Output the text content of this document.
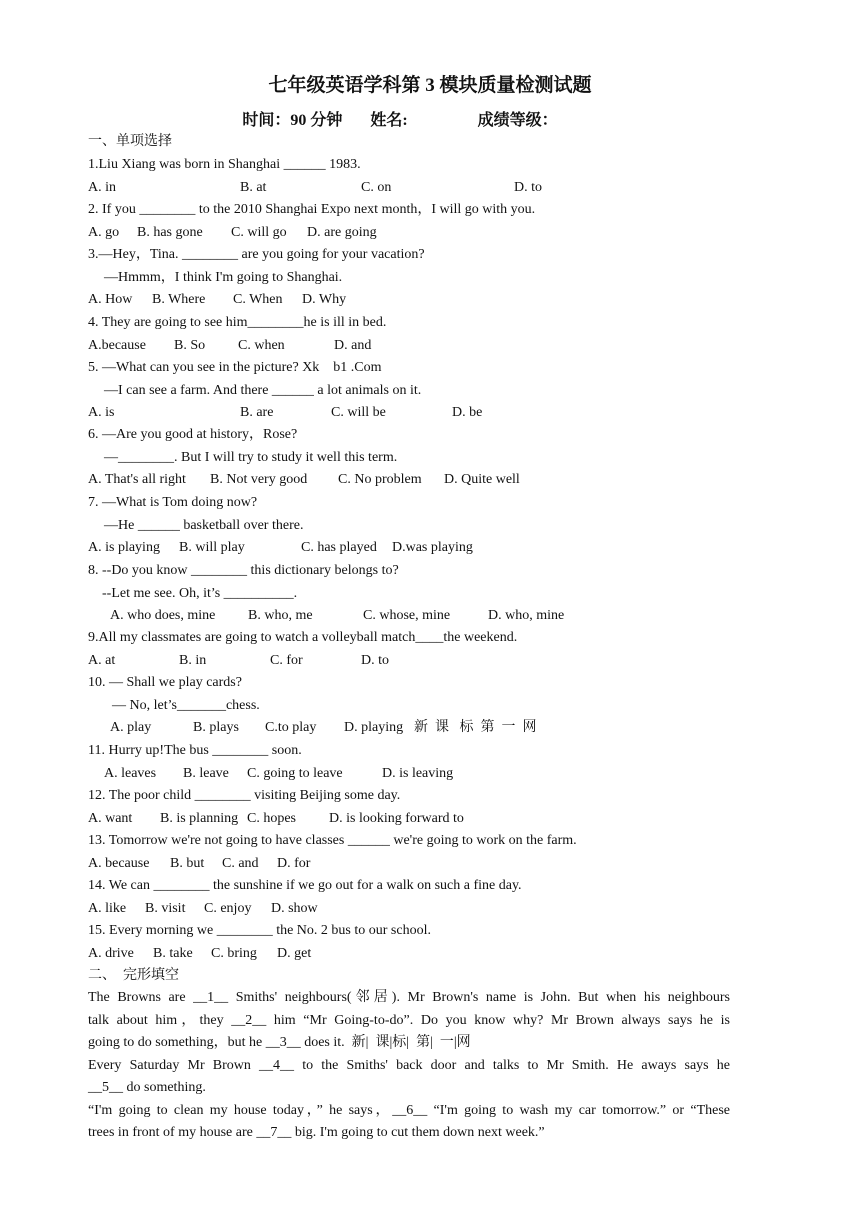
七年级英语学科第 3 模块质量检测试题
时间：90 分钟 姓名:	成绩等级：
一、单项选择
1.Liu Xiang was born in Shanghai ______ 1983.
A. in	B. at	C. on	D. to
2. If you ________ to the 2010 Shanghai Expo next month，I will go with you.
A. go B. has gone C. will go D. are going
3.—Hey，Tina. ________ are you going for your vacation?
—Hmmm，I think I'm going to Shanghai.
A. How B. Where C. When D. Why
4. They are going to see him________he is ill in bed.
A.because B. So C. when	D. and
5. —What can you see in the picture? Xk    b1 .Com
—I can see a farm. And there ______ a lot animals on it.
A. is	B. are	C. will be	D. be
6. —Are you good at history，Rose?
—________. But I will try to study it well this term.
A. That's all right B. Not very good C. No problem D. Quite well
7. —What is Tom doing now?
—He ______ basketball over there.
A. is playing B. will play	C. has played D.was playing
8. --Do you know ________ this dictionary belongs to?
--Let me see. Oh, it’s __________.
A. who does, mine B. who, me	C. whose, mine	D. who, mine
9.All my classmates are going to watch a volleyball match____the weekend.
A. at	B. in	C. for	D. to
10. — Shall we play cards?
— No, let’s_______chess.
A. play	B. plays C.to play D. playing 新  课   标  第  一  网
11. Hurry up!The bus ________ soon.
A. leaves B. leave C. going to leave	D. is leaving
12. The poor child ________ visiting Beijing some day.
A. want B. is planning C. hopes D. is looking forward to
13. Tomorrow we're not going to have classes ______ we're going to work on the farm.
A. because B. but C. and D. for
14. We can ________ the sunshine if we go out for a walk on such a fine day.
A. like B. visit C. enjoy D. show
15. Every morning we ________ the No. 2 bus to our school.
A. drive B. take C. bring D. get
二、  完形填空
The Browns are __1__ Smiths' neighbours(邻居). Mr Brown's name is John. But when his neighbours
talk about him，they __2__ him “Mr Going-to-do”. Do you know why? Mr Brown always says he is
going to do something，but he __3__ does it.  新|  课|标|  第|  一|网
Every Saturday Mr Brown __4__ to the Smiths' back door and talks to Mr Smith. He aways says he
__5__ do something.
“I'm going to clean my house today，” he says，__6__ “I'm going to wash my car tomorrow.” or “These
trees in front of my house are __7__ big. I'm going to cut them down next week.”
